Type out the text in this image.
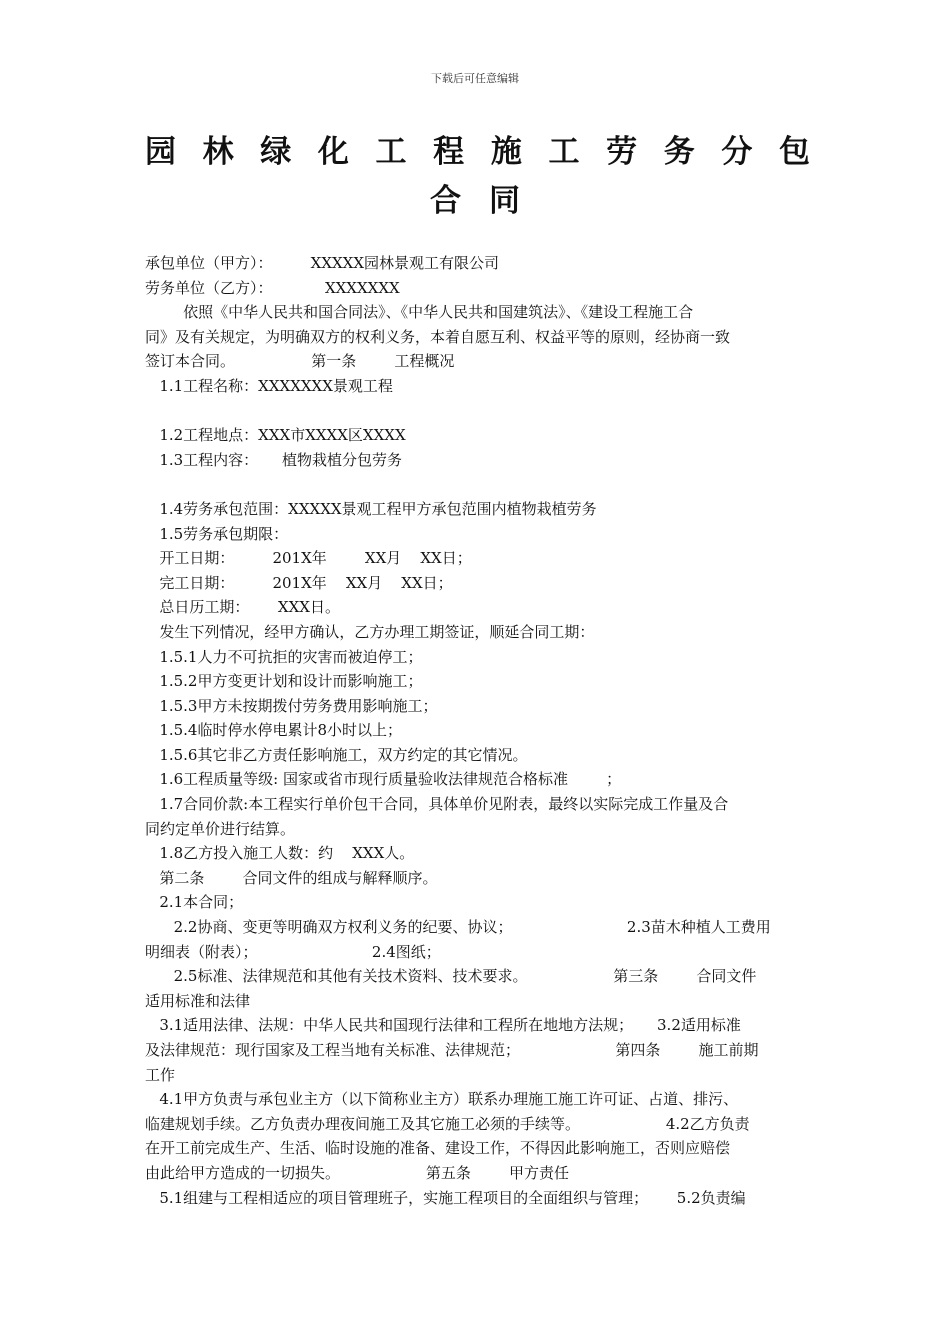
下载后可任意编辑
园林绿化工程施工劳务分包
合同

承包单位（甲方）：        XXXXX园林景观工有限公司

劳务单位（乙方）：           XXXXXXX

依照《中华人民共和国合同法》、《中华人民共和国建筑法》、《建设工程施工合

同》及有关规定，为明确双方的权利义务，本着自愿互利、权益平等的原则，经协商一致

签订本合同。                第一条        工程概况

1.1工程名称：XXXXXXX景观工程

1.2工程地点：XXX市XXXX区XXXX

1.3工程内容：     植物栽植分包劳务

1.4劳务承包范围：XXXXX景观工程甲方承包范围内植物栽植劳务

1.5劳务承包期限：

开工日期：        201X年        XX月    XX日；

完工日期：        201X年    XX月    XX日；

总日历工期：      XXX日。

发生下列情况，经甲方确认，乙方办理工期签证，顺延合同工期：

1.5.1人力不可抗拒的灾害而被迫停工；

1.5.2甲方变更计划和设计而影响施工；

1.5.3甲方未按期拨付劳务费用影响施工；

1.5.4临时停水停电累计8小时以上；

1.5.6其它非乙方责任影响施工，双方约定的其它情况。

1.6工程质量等级: 国家或省市现行质量验收法律规范合格标准        ；

1.7合同价款:本工程实行单价包干合同，具体单价见附表，最终以实际完成工作量及合

同约定单价进行结算。

1.8乙方投入施工人数：约    XXX人。

第二条        合同文件的组成与解释顺序。

2.1本合同；

2.2协商、变更等明确双方权利义务的纪要、协议；                        2.3苗木种植人工费用

明细表（附表）；                        2.4图纸；

2.5标准、法律规范和其他有关技术资料、技术要求。                  第三条        合同文件

适用标准和法律

3.1适用法律、法规：中华人民共和国现行法律和工程所在地地方法规；     3.2适用标准

及法律规范：现行国家及工程当地有关标准、法律规范；                    第四条        施工前期

工作

4.1甲方负责与承包业主方（以下简称业主方）联系办理施工施工许可证、占道、排污、

临建规划手续。乙方负责办理夜间施工及其它施工必须的手续等。                  4.2乙方负责

在开工前完成生产、生活、临时设施的准备、建设工作，不得因此影响施工，否则应赔偿

由此给甲方造成的一切损失。                  第五条        甲方责任

5.1组建与工程相适应的项目管理班子，实施工程项目的全面组织与管理；      5.2负责编
